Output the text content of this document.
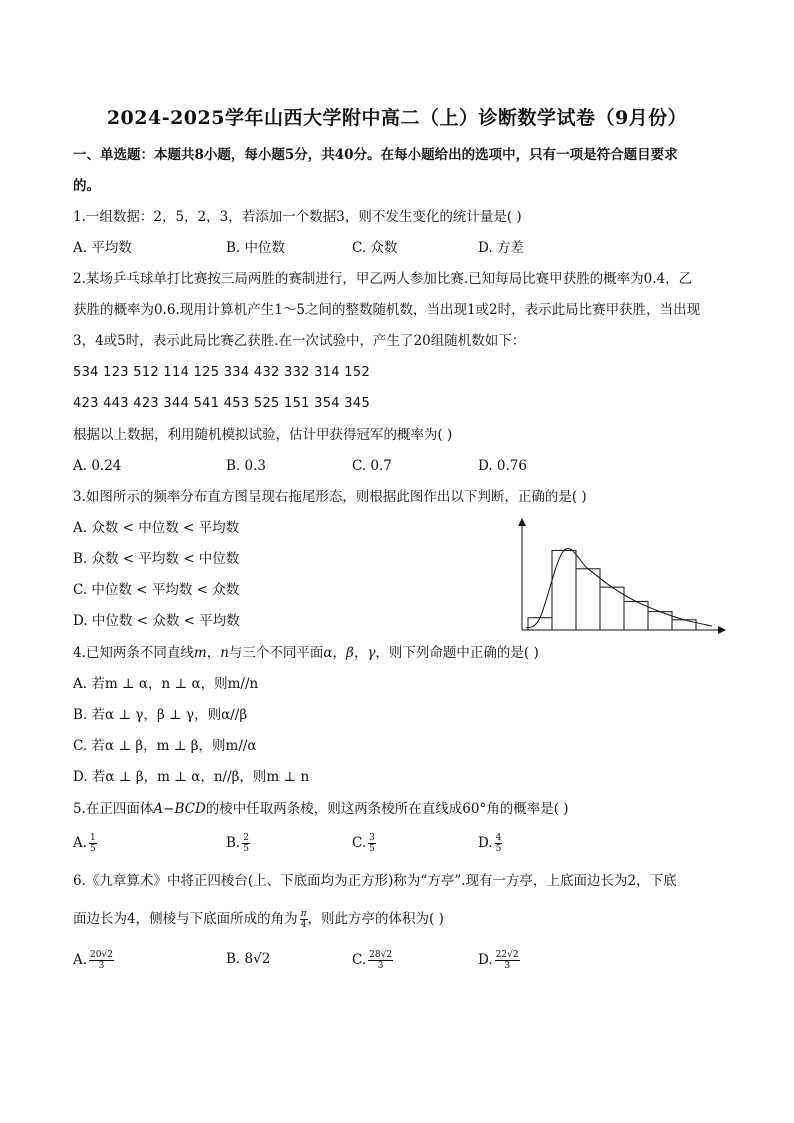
2024-2025学年山西大学附中高二（上）诊断数学试卷（9月份）
一、单选题：本题共8小题，每小题5分，共40分。在每小题给出的选项中，只有一项是符合题目要求
的。
1.一组数据：2，5，2，3，若添加一个数据3，则不发生变化的统计量是( )
A. 平均数	B. 中位数	C. 众数	D. 方差
2.某场乒乓球单打比赛按三局两胜的赛制进行，甲乙两人参加比赛.已知每局比赛甲获胜的概率为0.4，乙
获胜的概率为0.6.现用计算机产生1～5之间的整数随机数，当出现1或2时，表示此局比赛甲获胜，当出现
3，4或5时，表示此局比赛乙获胜.在一次试验中，产生了20组随机数如下：
534 123 512 114 125 334 432 332 314 152
423 443 423 344 541 453 525 151 354 345
根据以上数据，利用随机模拟试验，估计甲获得冠军的概率为( )
A. 0.24	B. 0.3	C. 0.7	D. 0.76
3.如图所示的频率分布直方图呈现右拖尾形态，则根据此图作出以下判断，正确的是( )
A. 众数 < 中位数 < 平均数
B. 众数 < 平均数 < 中位数
C. 中位数 < 平均数 < 众数
D. 中位数 < 众数 < 平均数
4.已知两条不同直线m，n与三个不同平面α，β，γ，则下列命题中正确的是( )
A. 若m ⊥ α，n ⊥ α，则m//n
B. 若α ⊥ γ，β ⊥ γ，则α//β
C. 若α ⊥ β，m ⊥ β，则m//α
D. 若α ⊥ β，m ⊥ α，n//β，则m ⊥ n
5.在正四面体A−BCD的棱中任取两条棱，则这两条棱所在直线成60°角的概率是( )
A. $\frac{1}{5}$	B. $\frac{2}{5}$	C. $\frac{3}{5}$	D. $\frac{4}{5}$
6.《九章算术》中将正四棱台(上、下底面均为正方形)称为“方亭”.现有一方亭，上底面边长为2，下底
面边长为4，侧棱与下底面所成的角为 $\frac{\pi}{4}$ ，则此方亭的体积为( )
A. $\frac{20√2}{3}$	B. 8√2	C. $\frac{28√2}{3}$	D. $\frac{22√2}{3}$
